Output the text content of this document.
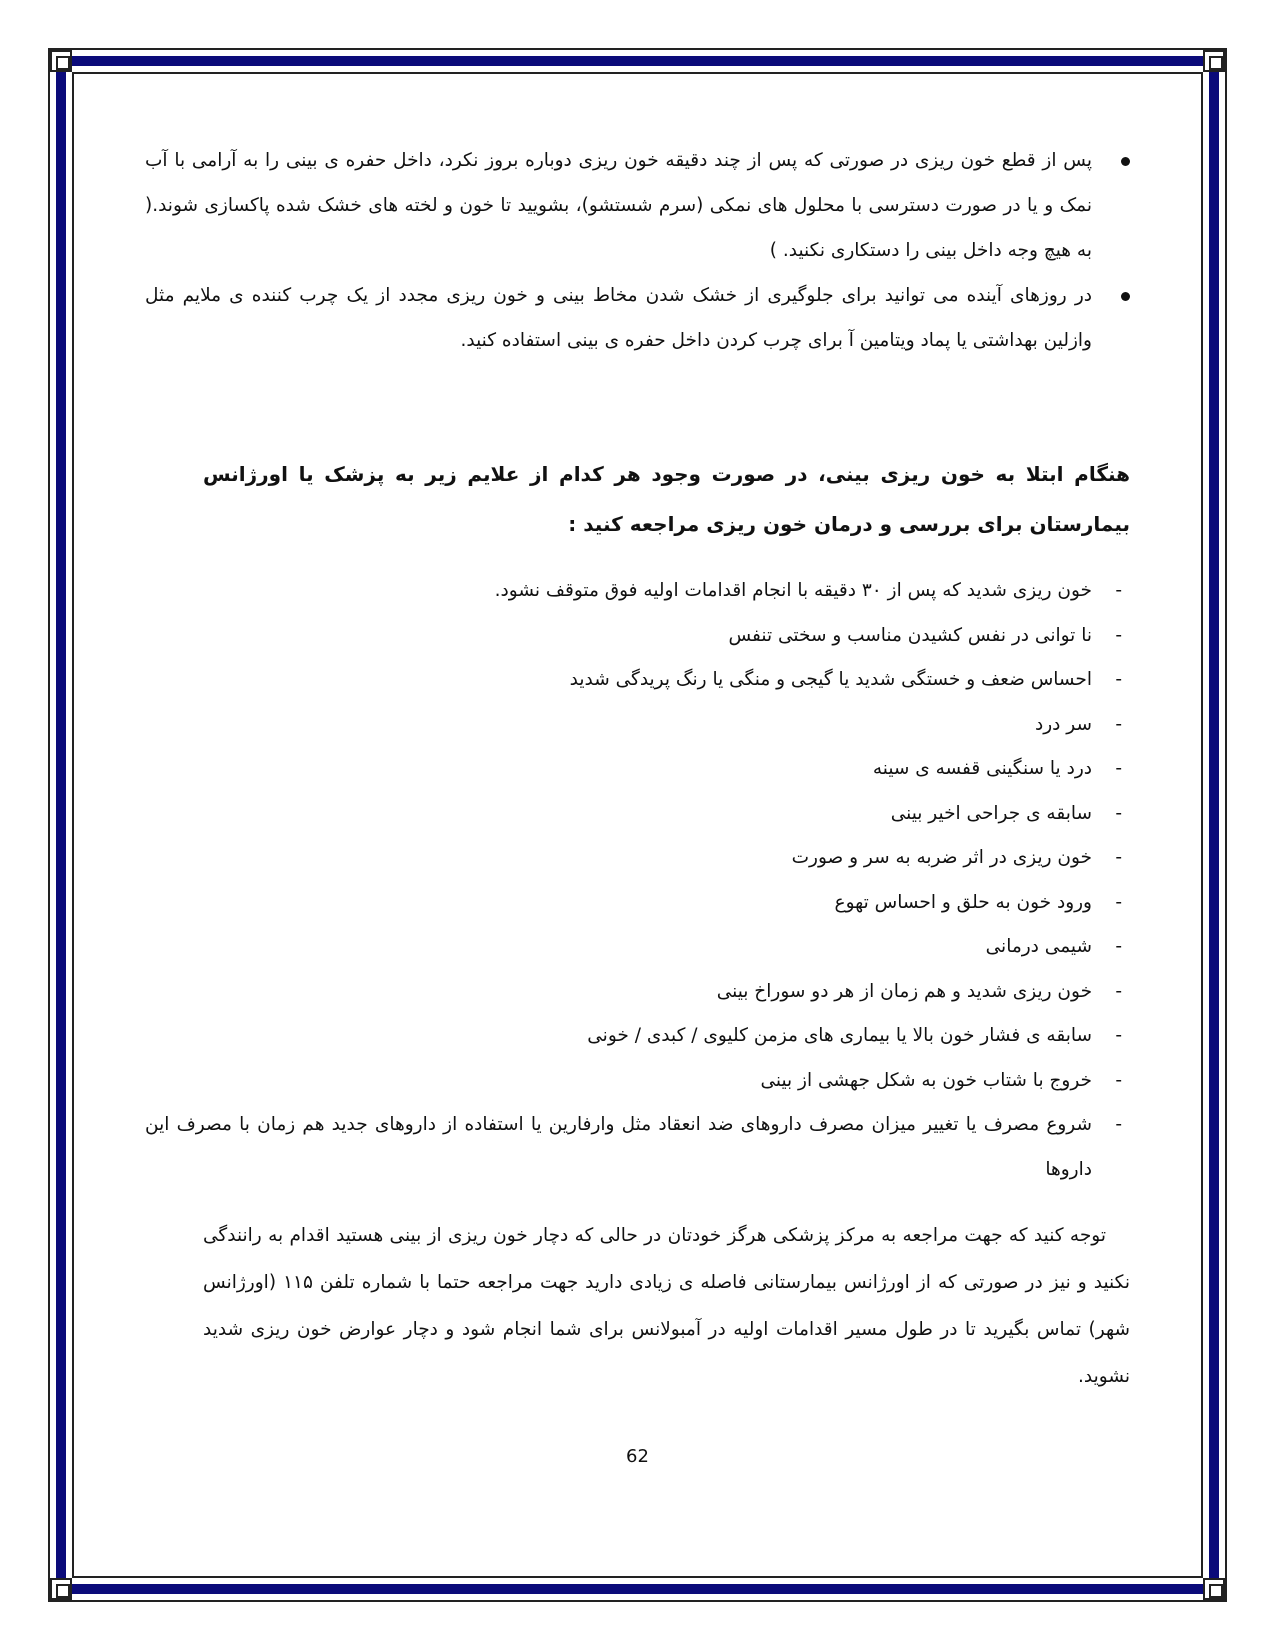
پس از قطع خون ریزی در صورتی که پس از چند دقیقه خون ریزی دوباره بروز نکرد، داخل حفره ی بینی را به آرامی با آب نمک و یا در صورت دسترسی با محلول های نمکی (سرم شستشو)، بشویید تا خون و لخته های خشک شده پاکسازی شوند.( به هیچ وجه داخل بینی را دستکاری نکنید. )
در روزهای آینده می توانید برای جلوگیری از خشک شدن مخاط بینی و خون ریزی مجدد از یک چرب کننده ی ملایم مثل وازلین بهداشتی یا پماد ویتامین آ برای چرب کردن داخل حفره ی بینی استفاده کنید.
هنگام ابتلا به خون ریزی بینی، در صورت وجود هر کدام از علایم زیر به پزشک یا اورژانس بیمارستان برای بررسی و درمان خون ریزی مراجعه کنید :
-
خون ریزی شدید که پس از ۳۰ دقیقه با انجام اقدامات اولیه فوق متوقف نشود.
-
نا توانی در نفس کشیدن مناسب و سختی تنفس
-
احساس ضعف و خستگی شدید یا گیجی و منگی یا رنگ پریدگی شدید
-
سر درد
-
درد یا سنگینی قفسه ی سینه
-
سابقه ی جراحی اخیر بینی
-
خون ریزی در اثر ضربه به سر و صورت
-
ورود خون به حلق و احساس تهوع
-
شیمی درمانی
-
خون ریزی شدید و هم زمان از هر دو سوراخ بینی
-
سابقه ی فشار خون بالا یا بیماری های مزمن کلیوی / کبدی / خونی
-
خروج با شتاب خون به شکل جهشی از بینی
-
شروع مصرف یا تغییر میزان مصرف داروهای ضد انعقاد مثل وارفارین یا استفاده از داروهای جدید هم زمان با مصرف این داروها
توجه کنید که جهت مراجعه به مرکز پزشکی هرگز خودتان در حالی که دچار خون ریزی از بینی هستید اقدام به رانندگی نکنید و نیز در صورتی که از اورژانس بیمارستانی فاصله ی زیادی دارید جهت مراجعه حتما با شماره تلفن ۱۱۵ (اورژانس شهر) تماس بگیرید تا در طول مسیر اقدامات اولیه در آمبولانس برای شما انجام شود و دچار عوارض خون ریزی شدید نشوید.
62
